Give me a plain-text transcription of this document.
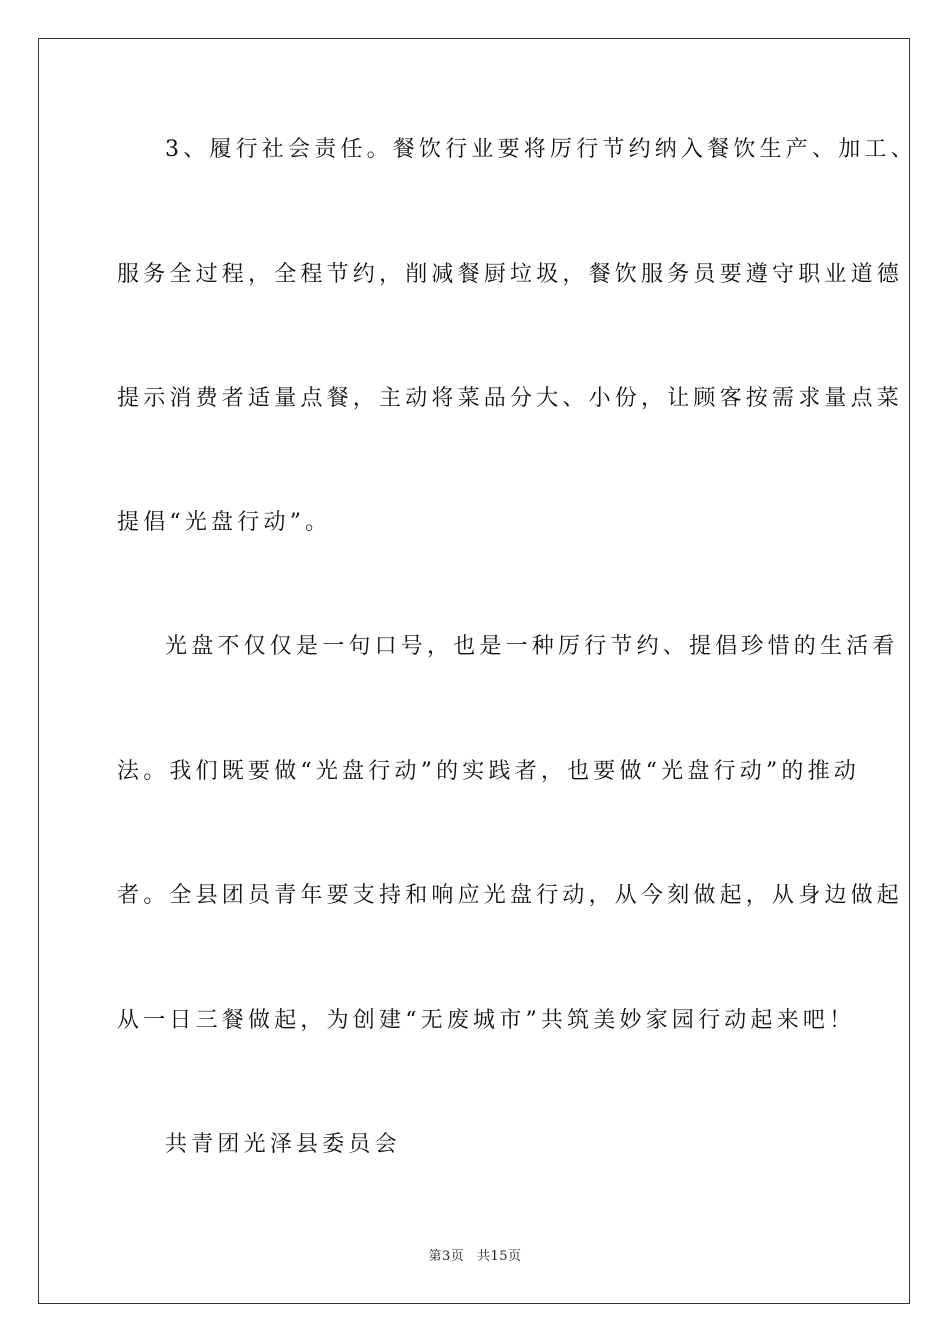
3、履行社会责任。餐饮行业要将厉行节约纳入餐饮生产、加工、
服务全过程，全程节约，削减餐厨垃圾，餐饮服务员要遵守职业道德
提示消费者适量点餐，主动将菜品分大、小份，让顾客按需求量点菜
提倡“光盘行动”。
光盘不仅仅是一句口号，也是一种厉行节约、提倡珍惜的生活看
法。我们既要做“光盘行动”的实践者，也要做“光盘行动”的推动
者。全县团员青年要支持和响应光盘行动，从今刻做起，从身边做起
从一日三餐做起，为创建“无废城市”共筑美妙家园行动起来吧！
共青团光泽县委员会
第3页 共15页
